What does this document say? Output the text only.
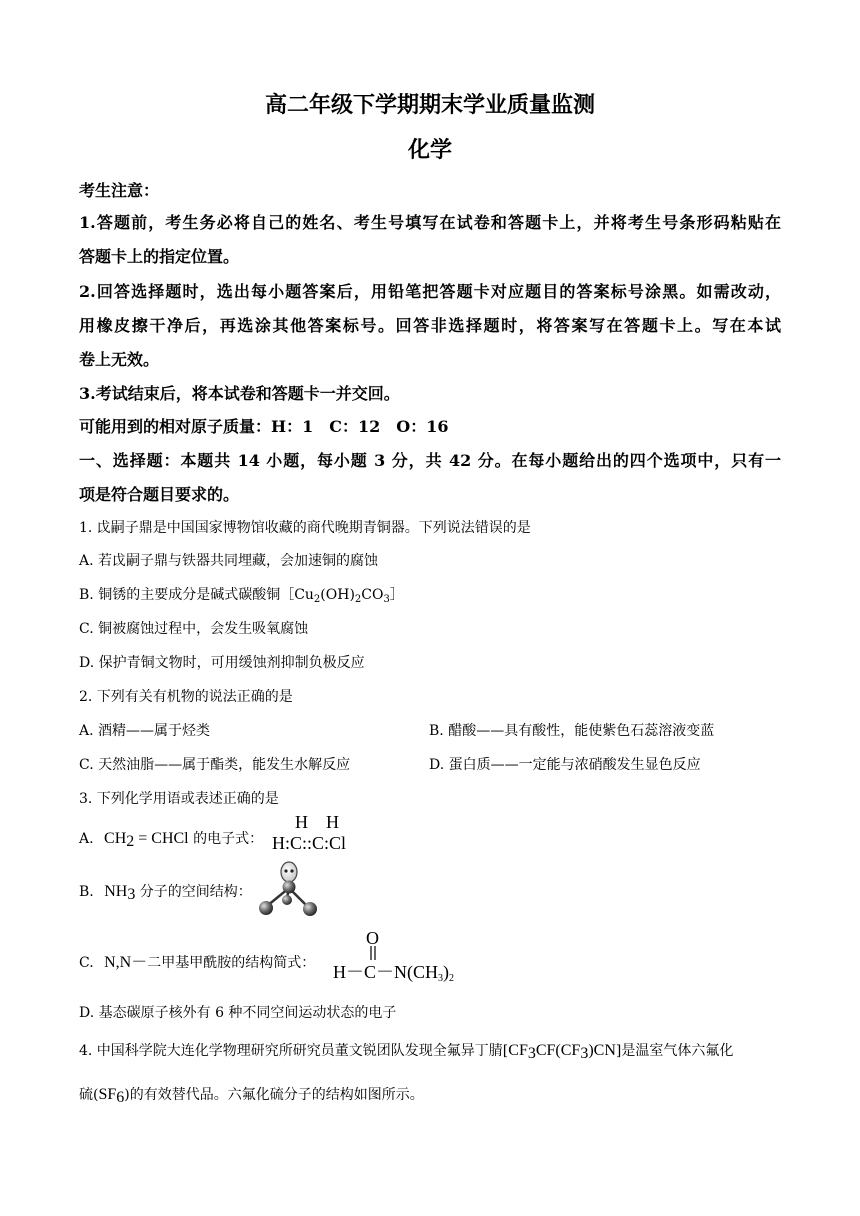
高二年级下学期期末学业质量监测
化学
考生注意：
1.答题前，考生务必将自己的姓名、考生号填写在试卷和答题卡上，并将考生号条形码粘贴在
答题卡上的指定位置。
2.回答选择题时，选出每小题答案后，用铅笔把答题卡对应题目的答案标号涂黑。如需改动，
用橡皮擦干净后，再选涂其他答案标号。回答非选择题时，将答案写在答题卡上。写在本试
卷上无效。
3.考试结束后，将本试卷和答题卡一并交回。
可能用到的相对原子质量：H：1　C：12　O：16
一、选择题：本题共 14 小题，每小题 3 分，共 42 分。在每小题给出的四个选项中，只有一
项是符合题目要求的。
1. 戉嗣子鼎是中国国家博物馆收藏的商代晚期青铜器。下列说法错误的是
A. 若戉嗣子鼎与铁器共同埋藏，会加速铜的腐蚀
B. 铜锈的主要成分是碱式碳酸铜$[Cu_2(OH)_2CO_3]$
C. 铜被腐蚀过程中，会发生吸氧腐蚀
D. 保护青铜文物时，可用缓蚀剂抑制负极反应
2. 下列有关有机物的说法正确的是
A. 酒精——属于烃类	B. 醋酸——具有酸性，能使紫色石蕊溶液变蓝
C. 天然油脂——属于酯类，能发生水解反应	D. 蛋白质——一定能与浓硝酸发生显色反应
3. 下列化学用语或表述正确的是
A. $CH_2$ = CHCl 的电子式：
H H
H:C::C:Cl
B. $NH_3$ 分子的空间结构：
C. N,N－二甲基甲酰胺的结构简式：
O
$H-C-N(CH_3)_2$
D. 基态碳原子核外有 6 种不同空间运动状态的电子
4. 中国科学院大连化学物理研究所研究员董文锐团队发现全氟异丁腈$[CF_3CF(CF_3)CN]$是温室气体六氟化
硫$(SF_6)$的有效替代品。六氟化硫分子的结构如图所示。
